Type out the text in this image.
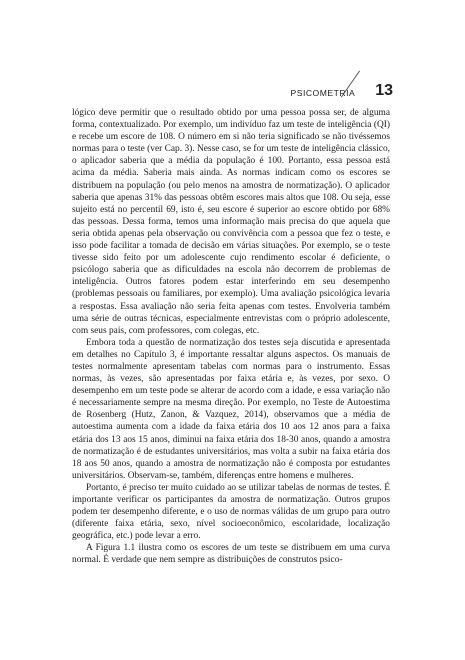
PSICOMETRIA 13

lógico deve permitir que o resultado obtido por uma pessoa possa ser, de alguma forma, contextualizado. Por exemplo, um indivíduo faz um teste de inteligência (QI) e recebe um escore de 108. O número em si não teria significado se não tivéssemos normas para o teste (ver Cap. 3). Nesse caso, se for um teste de inteligência clássico, o aplicador saberia que a média da população é 100. Portanto, essa pessoa está acima da média. Saberia mais ainda. As normas indicam como os escores se distribuem na população (ou pelo menos na amostra de normatização). O aplicador saberia que apenas 31% das pessoas obtêm escores mais altos que 108. Ou seja, esse sujeito está no percentil 69, isto é, seu escore é superior ao escore obtido por 68% das pessoas. Dessa forma, temos uma informação mais precisa do que aquela que seria obtida apenas pela observação ou convivência com a pessoa que fez o teste, e isso pode facilitar a tomada de decisão em várias situações. Por exemplo, se o teste tivesse sido feito por um adolescente cujo rendimento escolar é deficiente, o psicólogo saberia que as dificuldades na escola não decorrem de problemas de inteligência. Outros fatores podem estar interferindo em seu desempenho (problemas pessoais ou familiares, por exemplo). Uma avaliação psicológica levaria a respostas. Essa avaliação não seria feita apenas com testes. Envolveria também uma série de outras técnicas, especialmente entrevistas com o próprio adolescente, com seus pais, com professores, com colegas, etc.

Embora toda a questão de normatização dos testes seja discutida e apresentada em detalhes no Capítulo 3, é importante ressaltar alguns aspectos. Os manuais de testes normalmente apresentam tabelas com normas para o instrumento. Essas normas, às vezes, são apresentadas por faixa etária e, às vezes, por sexo. O desempenho em um teste pode se alterar de acordo com a idade, e essa variação não é necessariamente sempre na mesma direção. Por exemplo, no Teste de Autoestima de Rosenberg (Hutz, Zanon, & Vazquez, 2014), observamos que a média de autoestima aumenta com a idade da faixa etária dos 10 aos 12 anos para a faixa etária dos 13 aos 15 anos, diminui na faixa etária dos 18-30 anos, quando a amostra de normatização é de estudantes universitários, mas volta a subir na faixa etária dos 18 aos 50 anos, quando a amostra de normatização não é composta por estudantes universitários. Observam-se, também, diferenças entre homens e mulheres.

Portanto, é preciso ter muito cuidado ao se utilizar tabelas de normas de testes. É importante verificar os participantes da amostra de normatização. Outros grupos podem ter desempenho diferente, e o uso de normas válidas de um grupo para outro (diferente faixa etária, sexo, nível socioeconômico, escolaridade, localização geográfica, etc.) pode levar a erro.

A Figura 1.1 ilustra como os escores de um teste se distribuem em uma curva normal. É verdade que nem sempre as distribuições de construtos psico-
